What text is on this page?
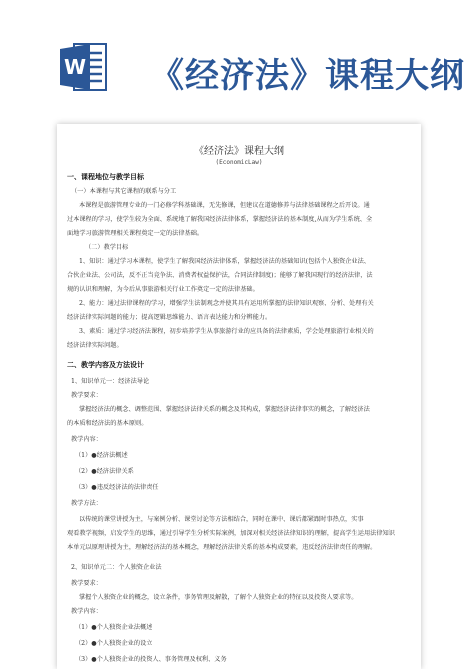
W 《经济法》课程大纲
《经济法》课程大纲
(EconomicLaw)
一、课程地位与教学目标
（一）本课程与其它课程的联系与分工
本课程是旅游管理专业的一门必修学科基础课，无先修课，但建议在道德修养与法律基础课程之后开设。通
过本课程的学习，使学生较为全面、系统地了解我国经济法律体系，掌握经济法的基本制度,从而为学生系统、全
面地学习旅游管理相关课程奠定一定的法律基础。
（二）教学目标
1、知识：通过学习本课程，使学生了解我国经济法律体系，掌握经济法的基础知识(包括个人独资企业法、
合伙企业法、公司法，反不正当竞争法、消费者权益保护法，合同法律制度)；能够了解我国现行的经济法律，法
规的认识和理解，为今后从事旅游相关行业工作奠定一定的法律基础。
2、能力：通过法律课程的学习，增强学生法制观念并使其具有运用所掌握的法律知识观察、分析、处理有关
经济法律实际问题的能力；提高逻辑思维能力、语言表达能力和分辨能力。
3、素质：通过学习经济法课程，初步培养学生从事旅游行业的应具备的法律素质，学会处理旅游行业相关的
经济法律实际问题。
二、教学内容及方法设计
1、知识单元一：经济法导论
教学要求：
掌握经济法的概念、调整范围、掌握经济法律关系的概念及其构成，掌握经济法律事实的概念，了解经济法
的本质和经济法的基本原则。
教学内容：
（1）●经济法概述
（2）●经济法律关系
（3）●违反经济法的法律责任
教学方法：
以传统的课堂讲授为主，与案例分析、课堂讨论等方法相结合，同时在课中、课后都紧跟时事热点，实事
观看教学视频，启发学生的思维，通过引导学生分析实际案例，加深对相关经济法律知识的理解，提高学生运用法律知识
本单元以原理讲授为主，理解经济法的基本概念，理解经济法律关系的基本构成要素，违反经济法律责任的理解。
2、知识单元二：个人独资企业法
教学要求：
掌握个人独资企业的概念，设立条件，事务管理及解散，了解个人独资企业的特征以及投资人要求等。
教学内容：
（1）●个人独资企业法概述
（2）●个人独资企业的设立
（3）●个人独资企业的投资人、事务管理及权利、义务
